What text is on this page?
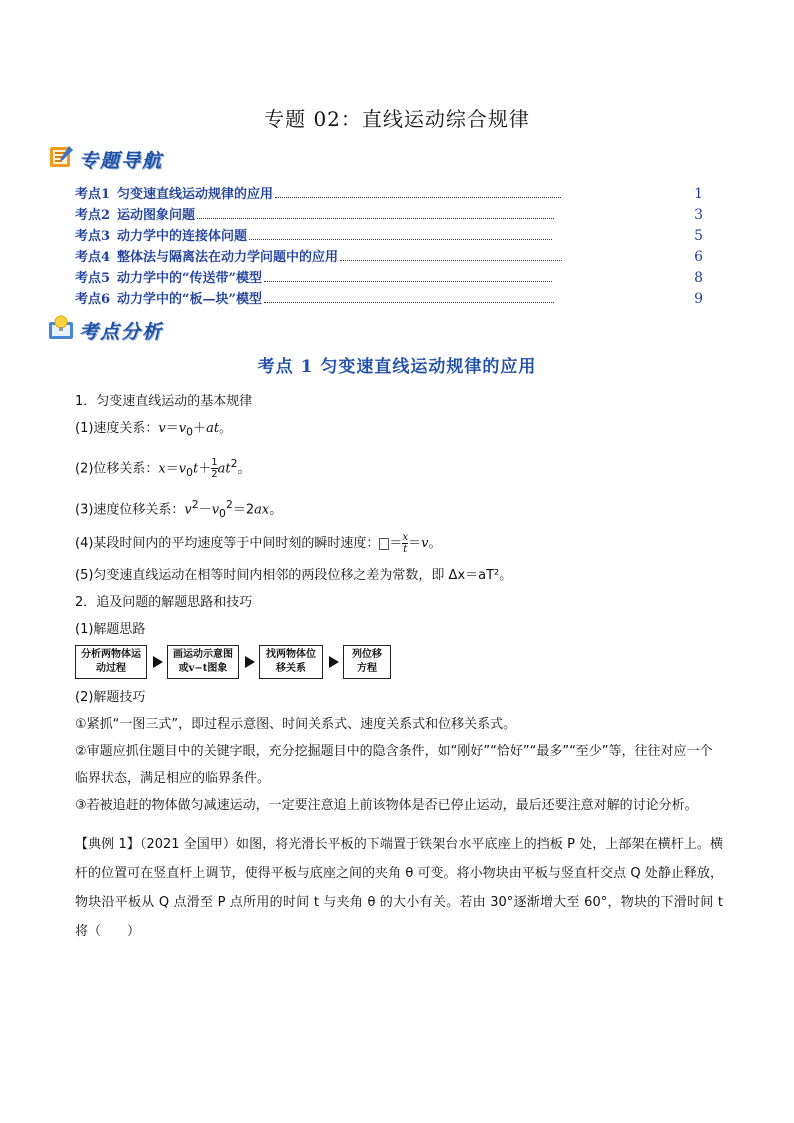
专题 02：直线运动综合规律
专题导航
考点1 匀变速直线运动规律的应用	1
考点2 运动图象问题	3
考点3 动力学中的连接体问题	5
考点4 整体法与隔离法在动力学问题中的应用	6
考点5 动力学中的“传送带”模型	8
考点6 动力学中的“板—块”模型	9
考点分析
考点 1 匀变速直线运动规律的应用
1．匀变速直线运动的基本规律
(1)速度关系：$v=v_0+at$。
(2)位移关系：$x=v_0t+ \frac{1}{2} at^2$。
(3)速度位移关系：$v^2-v_0^2=2ax$。
(4)某段时间内的平均速度等于中间时刻的瞬时速度： ＝ $\frac{x}{t} =v$。
(5)匀变速直线运动在相等时间内相邻的两段位移之差为常数，即 Δx＝aT²。
2．追及问题的解题思路和技巧
(1)解题思路
分析两物体运动过程
画运动示意图或v−t图象
找两物体位移关系
列位移方程
(2)解题技巧
①紧抓“一图三式”，即过程示意图、时间关系式、速度关系式和位移关系式。
②审题应抓住题目中的关键字眼，充分挖掘题目中的隐含条件，如“刚好”“恰好”“最多”“至少”等，往往对应一个临界状态，满足相应的临界条件。
③若被追赶的物体做匀减速运动，一定要注意追上前该物体是否已停止运动，最后还要注意对解的讨论分析。
【典例 1】（2021 全国甲）如图，将光滑长平板的下端置于铁架台水平底座上的挡板 P 处，上部架在横杆上。横杆的位置可在竖直杆上调节，使得平板与底座之间的夹角 θ 可变。将小物块由平板与竖直杆交点 Q 处静止释放，物块沿平板从 Q 点滑至 P 点所用的时间 t 与夹角 θ 的大小有关。若由 30°逐渐增大至 60°，物块的下滑时间 t 将（　　）
